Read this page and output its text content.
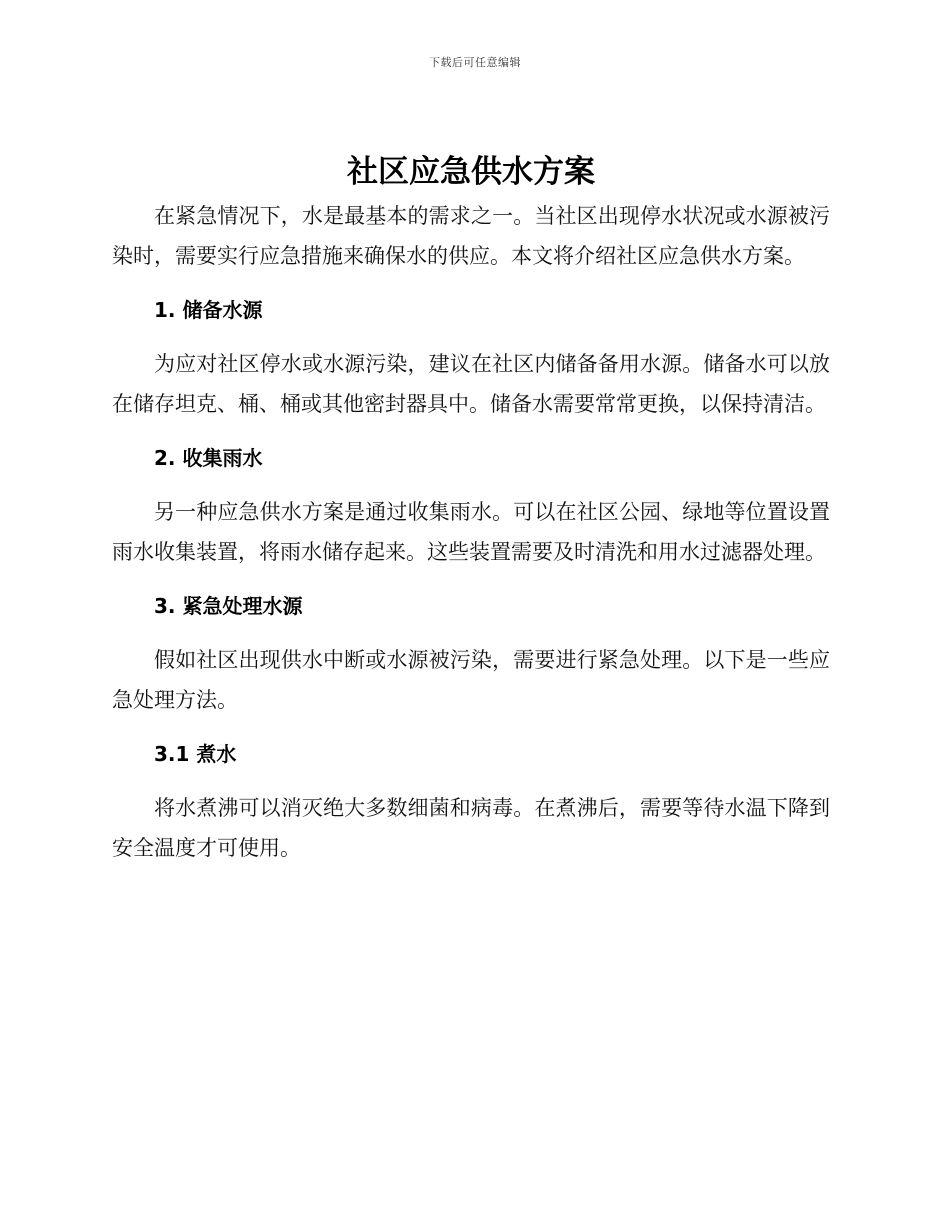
下载后可任意编辑
社区应急供水方案

在紧急情况下，水是最基本的需求之一。当社区出现停水状况或水源被污染时，需要实行应急措施来确保水的供应。本文将介绍社区应急供水方案。

1. 储备水源

为应对社区停水或水源污染，建议在社区内储备备用水源。储备水可以放在储存坦克、桶、桶或其他密封器具中。储备水需要常常更换，以保持清洁。

2. 收集雨水

另一种应急供水方案是通过收集雨水。可以在社区公园、绿地等位置设置雨水收集装置，将雨水储存起来。这些装置需要及时清洗和用水过滤器处理。

3. 紧急处理水源

假如社区出现供水中断或水源被污染，需要进行紧急处理。以下是一些应急处理方法。

3.1 煮水

将水煮沸可以消灭绝大多数细菌和病毒。在煮沸后，需要等待水温下降到安全温度才可使用。
